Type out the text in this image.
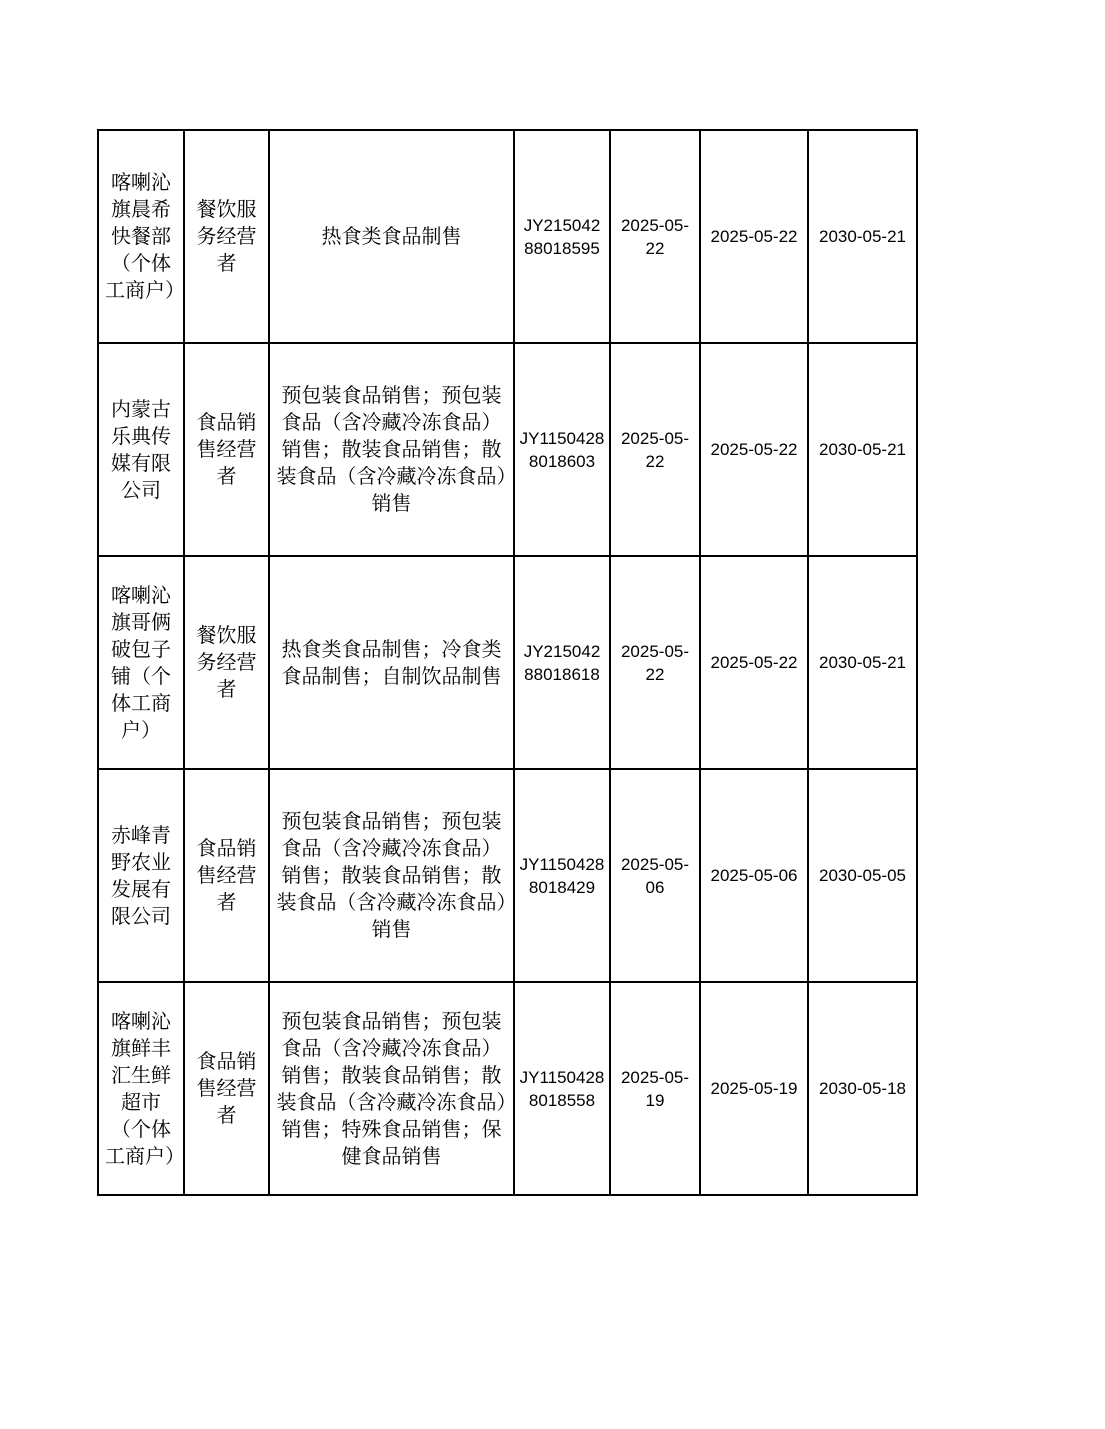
喀喇沁旗晨希快餐部（个体工商户）	餐饮服务经营者	热食类食品制售	JY21504288018595	2025-05-22	2025-05-22	2030-05-21
内蒙古乐典传媒有限公司	食品销售经营者	预包装食品销售；预包装食品（含冷藏冷冻食品）销售；散装食品销售；散装食品（含冷藏冷冻食品）销售	JY11504288018603	2025-05-22	2025-05-22	2030-05-21
喀喇沁旗哥俩破包子铺（个体工商户）	餐饮服务经营者	热食类食品制售；冷食类食品制售；自制饮品制售	JY21504288018618	2025-05-22	2025-05-22	2030-05-21
赤峰青野农业发展有限公司	食品销售经营者	预包装食品销售；预包装食品（含冷藏冷冻食品）销售；散装食品销售；散装食品（含冷藏冷冻食品）销售	JY11504288018429	2025-05-06	2025-05-06	2030-05-05
喀喇沁旗鲜丰汇生鲜超市（个体工商户）	食品销售经营者	预包装食品销售；预包装食品（含冷藏冷冻食品）销售；散装食品销售；散装食品（含冷藏冷冻食品）销售；特殊食品销售；保健食品销售	JY11504288018558	2025-05-19	2025-05-19	2030-05-18
